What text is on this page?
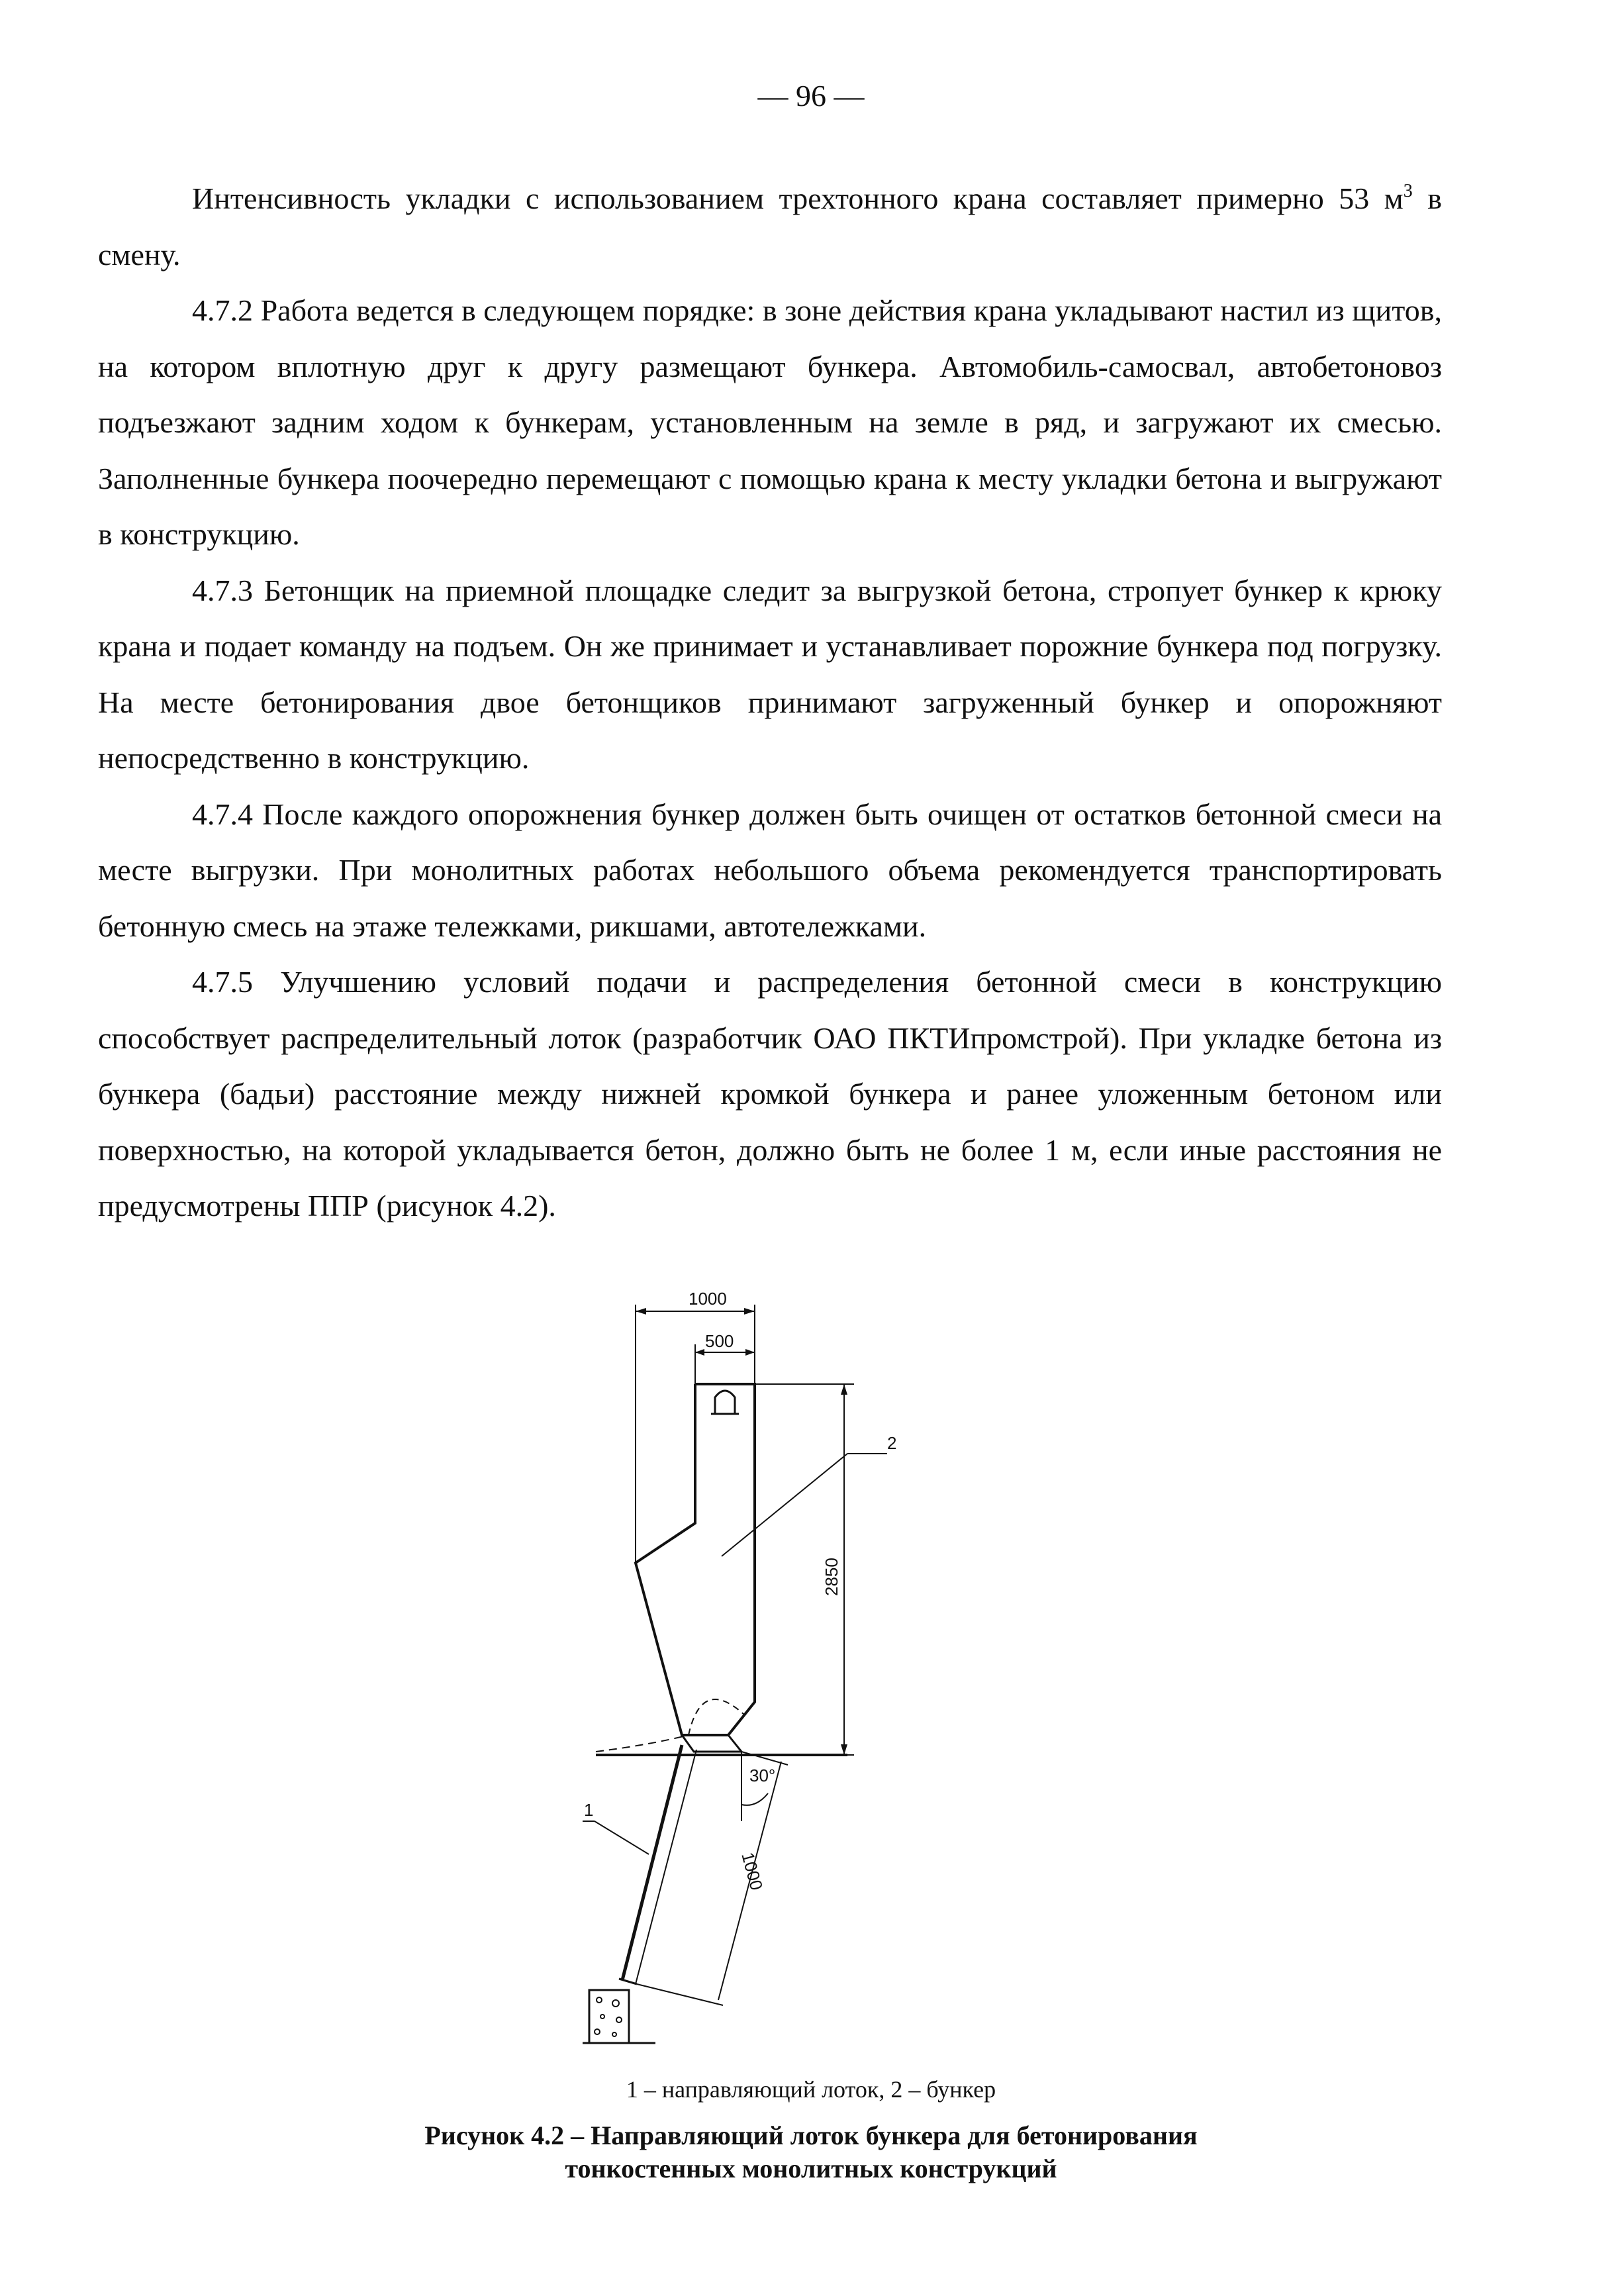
— 96 —

Интенсивность укладки с использованием трехтонного крана составляет примерно 53 $м^3$ в смену.

4.7.2 Работа ведется в следующем порядке: в зоне действия крана укладывают настил из щитов, на котором вплотную друг к другу размещают бункера. Автомобиль-самосвал, автобетоновоз подъезжают задним ходом к бункерам, установленным на земле в ряд, и загружают их смесью. Заполненные бункера поочередно перемещают с помощью крана к месту укладки бетона и выгружают в конструкцию.

4.7.3 Бетонщик на приемной площадке следит за выгрузкой бетона, стропует бункер к крюку крана и подает команду на подъем. Он же принимает и устанавливает порожние бункера под погрузку. На месте бетонирования двое бетонщиков принимают загруженный бункер и опорожняют непосредственно в конструкцию.

4.7.4 После каждого опорожнения бункер должен быть очищен от остатков бетонной смеси на месте выгрузки. При монолитных работах небольшого объема рекомендуется транспортировать бетонную смесь на этаже тележками, рикшами, автотележками.

4.7.5 Улучшению условий подачи и распределения бетонной смеси в конструкцию способствует распределительный лоток (разработчик ОАО ПКТИпромстрой). При укладке бетона из бункера (бадьи) расстояние между нижней кромкой бункера и ранее уложенным бетоном или поверхностью, на которой укладывается бетон, должно быть не более 1 м, если иные расстояния не предусмотрены ППР (рисунок 4.2).

1000
500
2850
1000
30°
2
1
1 – направляющий лоток, 2 – бункер
Рисунок 4.2 – Направляющий лоток бункера для бетонирования
тонкостенных монолитных конструкций
